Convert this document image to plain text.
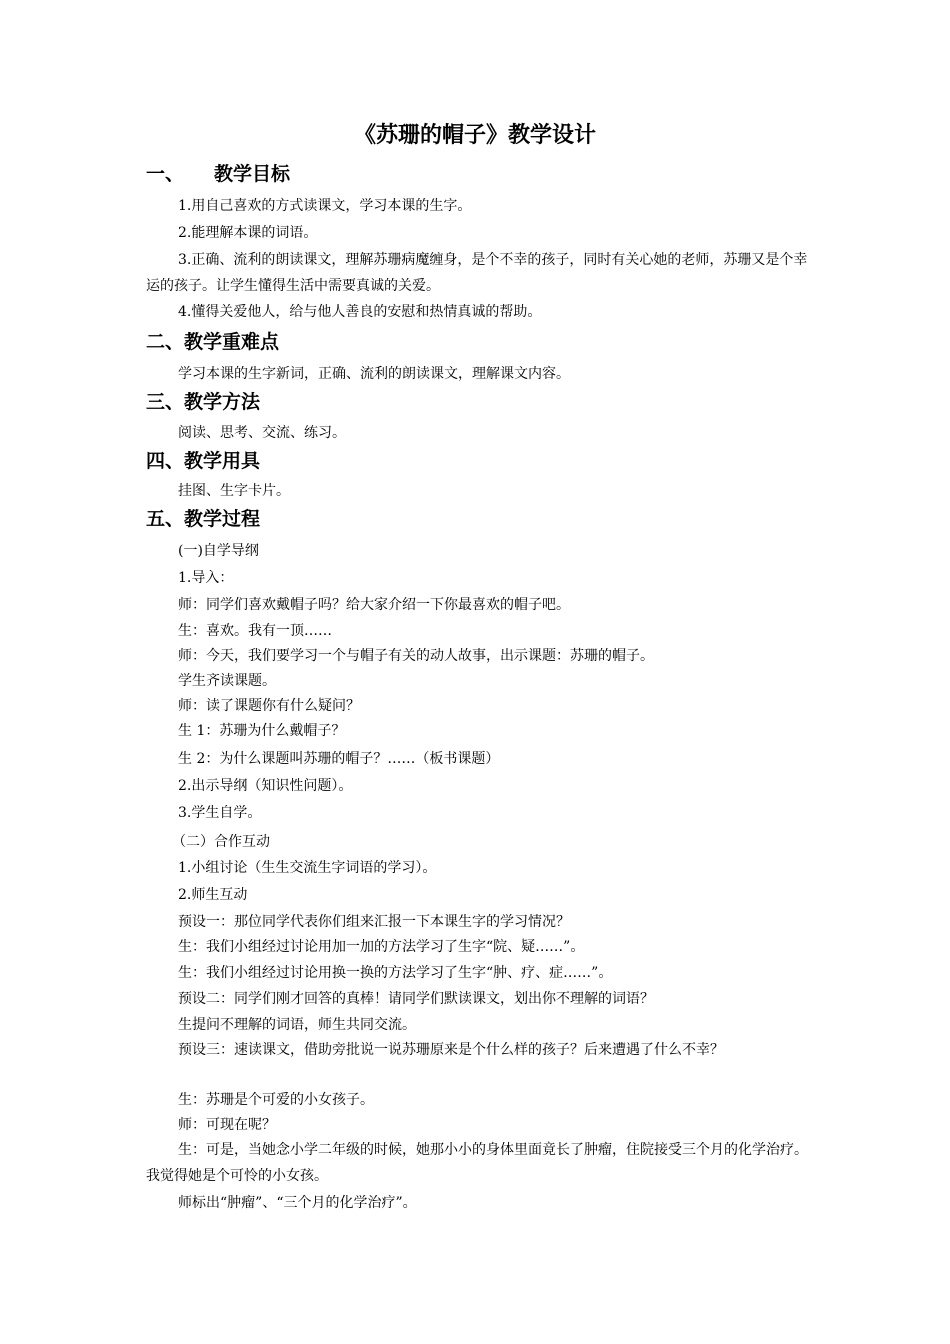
《苏珊的帽子》教学设计
一、 教学目标
1.用自己喜欢的方式读课文，学习本课的生字。
2.能理解本课的词语。
3.正确、流利的朗读课文，理解苏珊病魔缠身，是个不幸的孩子，同时有关心她的老师，苏珊又是个幸运的孩子。让学生懂得生活中需要真诚的关爱。
4.懂得关爱他人，给与他人善良的安慰和热情真诚的帮助。
二、教学重难点
学习本课的生字新词，正确、流利的朗读课文，理解课文内容。
三、教学方法
阅读、思考、交流、练习。
四、教学用具
挂图、生字卡片。
五、教学过程
(一)自学导纲
1.导入：
师：同学们喜欢戴帽子吗？给大家介绍一下你最喜欢的帽子吧。
生：喜欢。我有一顶……
师：今天，我们要学习一个与帽子有关的动人故事，出示课题：苏珊的帽子。
学生齐读课题。
师：读了课题你有什么疑问？
生 1：苏珊为什么戴帽子？
生 2：为什么课题叫苏珊的帽子？……（板书课题）
2.出示导纲（知识性问题）。
3.学生自学。
（二）合作互动
1.小组讨论（生生交流生字词语的学习）。
2.师生互动
预设一：那位同学代表你们组来汇报一下本课生字的学习情况？
生：我们小组经过讨论用加一加的方法学习了生字“院、疑……”。
生：我们小组经过讨论用换一换的方法学习了生字“肿、疗、症……”。
预设二：同学们刚才回答的真棒！请同学们默读课文，划出你不理解的词语？
生提问不理解的词语，师生共同交流。
预设三：速读课文，借助旁批说一说苏珊原来是个什么样的孩子？后来遭遇了什么不幸？
生：苏珊是个可爱的小女孩子。
师：可现在呢？
生：可是，当她念小学二年级的时候，她那小小的身体里面竟长了肿瘤，住院接受三个月的化学治疗。我觉得她是个可怜的小女孩。
师标出“肿瘤”、“三个月的化学治疗”。
